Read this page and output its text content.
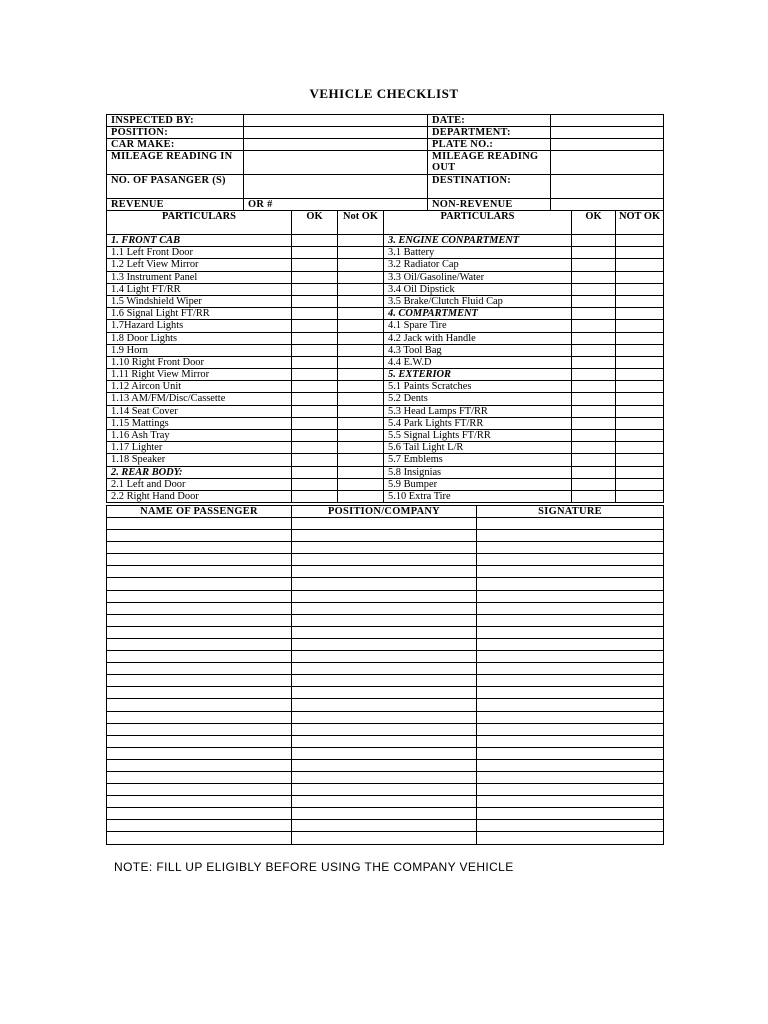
VEHICLE CHECKLIST
INSPECTED BY:		DATE:	
POSITION:		DEPARTMENT:	
CAR MAKE:		PLATE NO.:	
MILEAGE READING IN		MILEAGE READING OUT	
NO. OF PASANGER (S)		DESTINATION:	
REVENUE	OR #	NON-REVENUE	
PARTICULARS	OK	Not OK	PARTICULARS	OK	NOT OK
1. FRONT CAB			3. ENGINE CONPARTMENT		
1.1 Left Front Door			3.1 Battery		
1.2 Left View Mirror			3.2 Radiator Cap		
1.3 Instrument Panel			3.3 Oil/Gasoline/Water		
1.4 Light FT/RR			3.4 Oil Dipstick		
1.5 Windshield Wiper			3.5 Brake/Clutch Fluid Cap		
1.6 Signal Light FT/RR			4. COMPARTMENT		
1.7Hazard Lights			4.1 Spare Tire		
1.8 Door Lights			4.2 Jack with Handle		
1.9 Horn			4.3 Tool Bag		
1.10 Right Front Door			4.4 E.W.D		
1.11 Right View Mirror			5. EXTERIOR		
1.12 Aircon Unit			5.1 Paints Scratches		
1.13 AM/FM/Disc/Cassette			5.2 Dents		
1.14 Seat Cover			5.3 Head Lamps FT/RR		
1.15 Mattings			5.4 Park Lights FT/RR		
1.16 Ash Tray			5.5 Signal Lights FT/RR		
1.17 Lighter			5.6 Tail Light L/R		
1.18 Speaker			5.7 Emblems		
2. REAR BODY:			5.8 Insignias		
2.1 Left and Door			5.9 Bumper		
2.2 Right Hand Door			5.10 Extra Tire		
NAME OF PASSENGER	POSITION/COMPANY	SIGNATURE

NOTE: FILL UP ELIGIBLY BEFORE USING THE COMPANY VEHICLE
